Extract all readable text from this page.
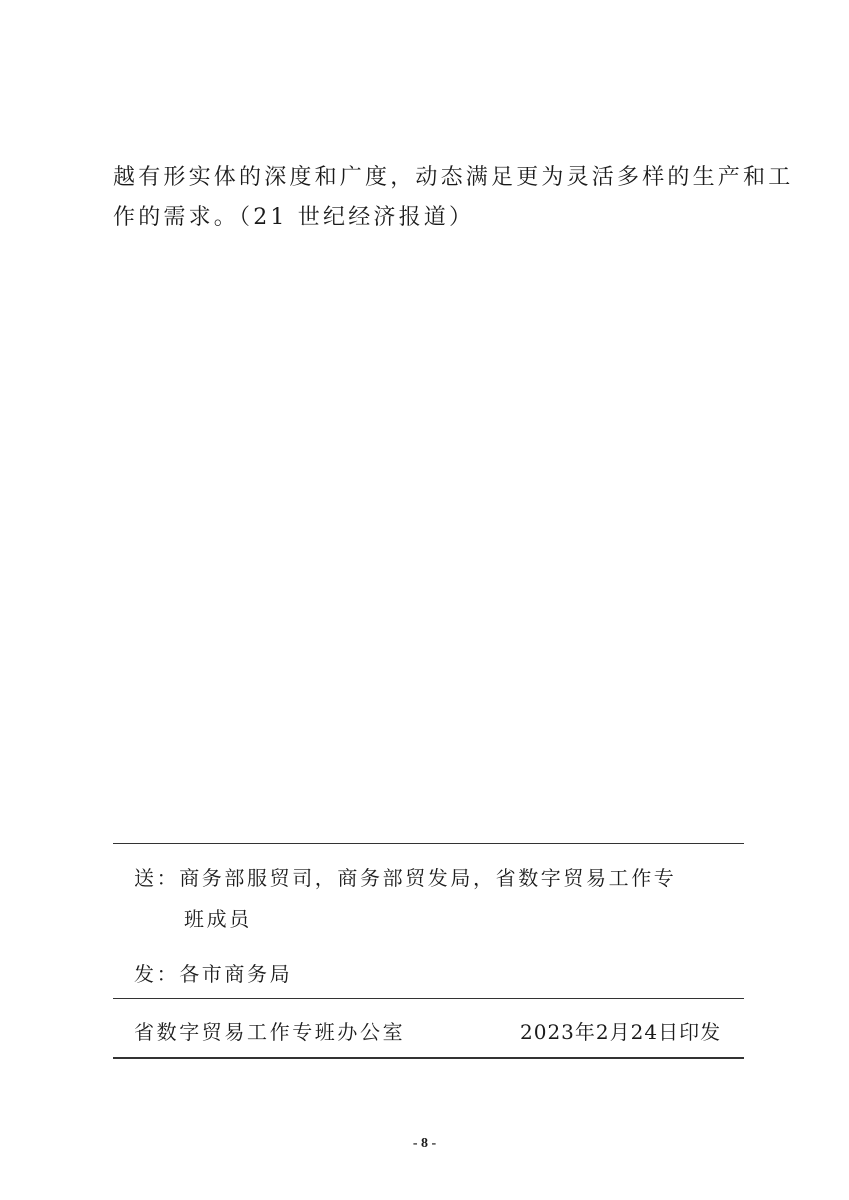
越有形实体的深度和广度，动态满足更为灵活多样的生产和工

作的需求。（21 世纪经济报道）

送：商务部服贸司，商务部贸发局，省数字贸易工作专

班成员

发：各市商务局

省数字贸易工作专班办公室	2023年2月24日印发
- 8 -
